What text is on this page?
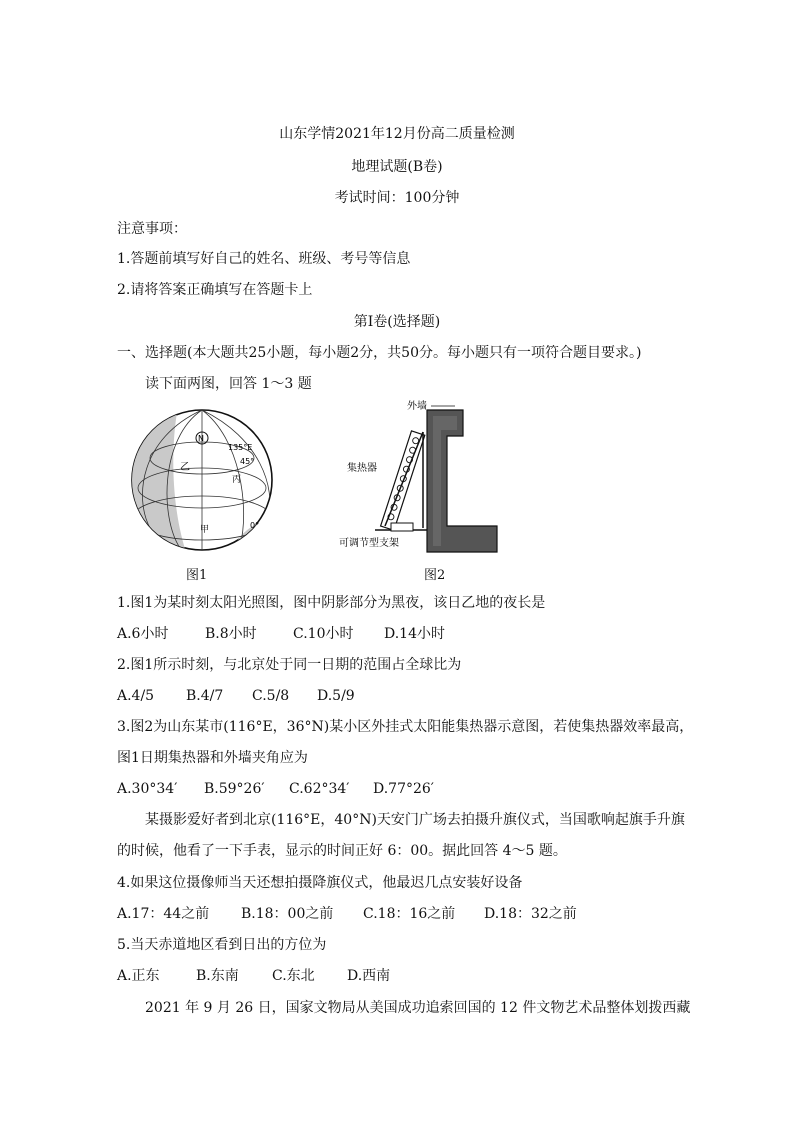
山东学情2021年12月份高二质量检测
地理试题(B卷)
考试时间：100分钟
注意事项：
1.答题前填写好自己的姓名、班级、考号等信息
2.请将答案正确填写在答题卡上
第I卷(选择题)
一、选择题(本大题共25小题，每小题2分，共50分。每小题只有一项符合题目要求。)
读下面两图，回答 1～3 题
N
135°E
45°
乙
丙
甲	0°
图1
外墙
集热器
可调节型支架
图2
1.图1为某时刻太阳光照图，图中阴影部分为黑夜，该日乙地的夜长是
A.6小时	B.8小时	C.10小时 D.14小时
2.图1所示时刻，与北京处于同一日期的范围占全球比为
A.4/5 B.4/7 C.5/8 D.5/9
3.图2为山东某市(116°E，36°N)某小区外挂式太阳能集热器示意图，若使集热器效率最高，
图1日期集热器和外墙夹角应为
A.30°34′ B.59°26′ C.62°34′ D.77°26′
某摄影爱好者到北京(116°E，40°N)天安门广场去拍摄升旗仪式，当国歌响起旗手升旗
的时候，他看了一下手表，显示的时间正好 6：00。据此回答 4～5 题。
4.如果这位摄像师当天还想拍摄降旗仪式，他最迟几点安装好设备
A.17：44之前 B.18：00之前 C.18：16之前 D.18：32之前
5.当天赤道地区看到日出的方位为
A.正东	B.东南 C.东北 D.西南
2021 年 9 月 26 日，国家文物局从美国成功追索回国的 12 件文物艺术品整体划拨西藏
